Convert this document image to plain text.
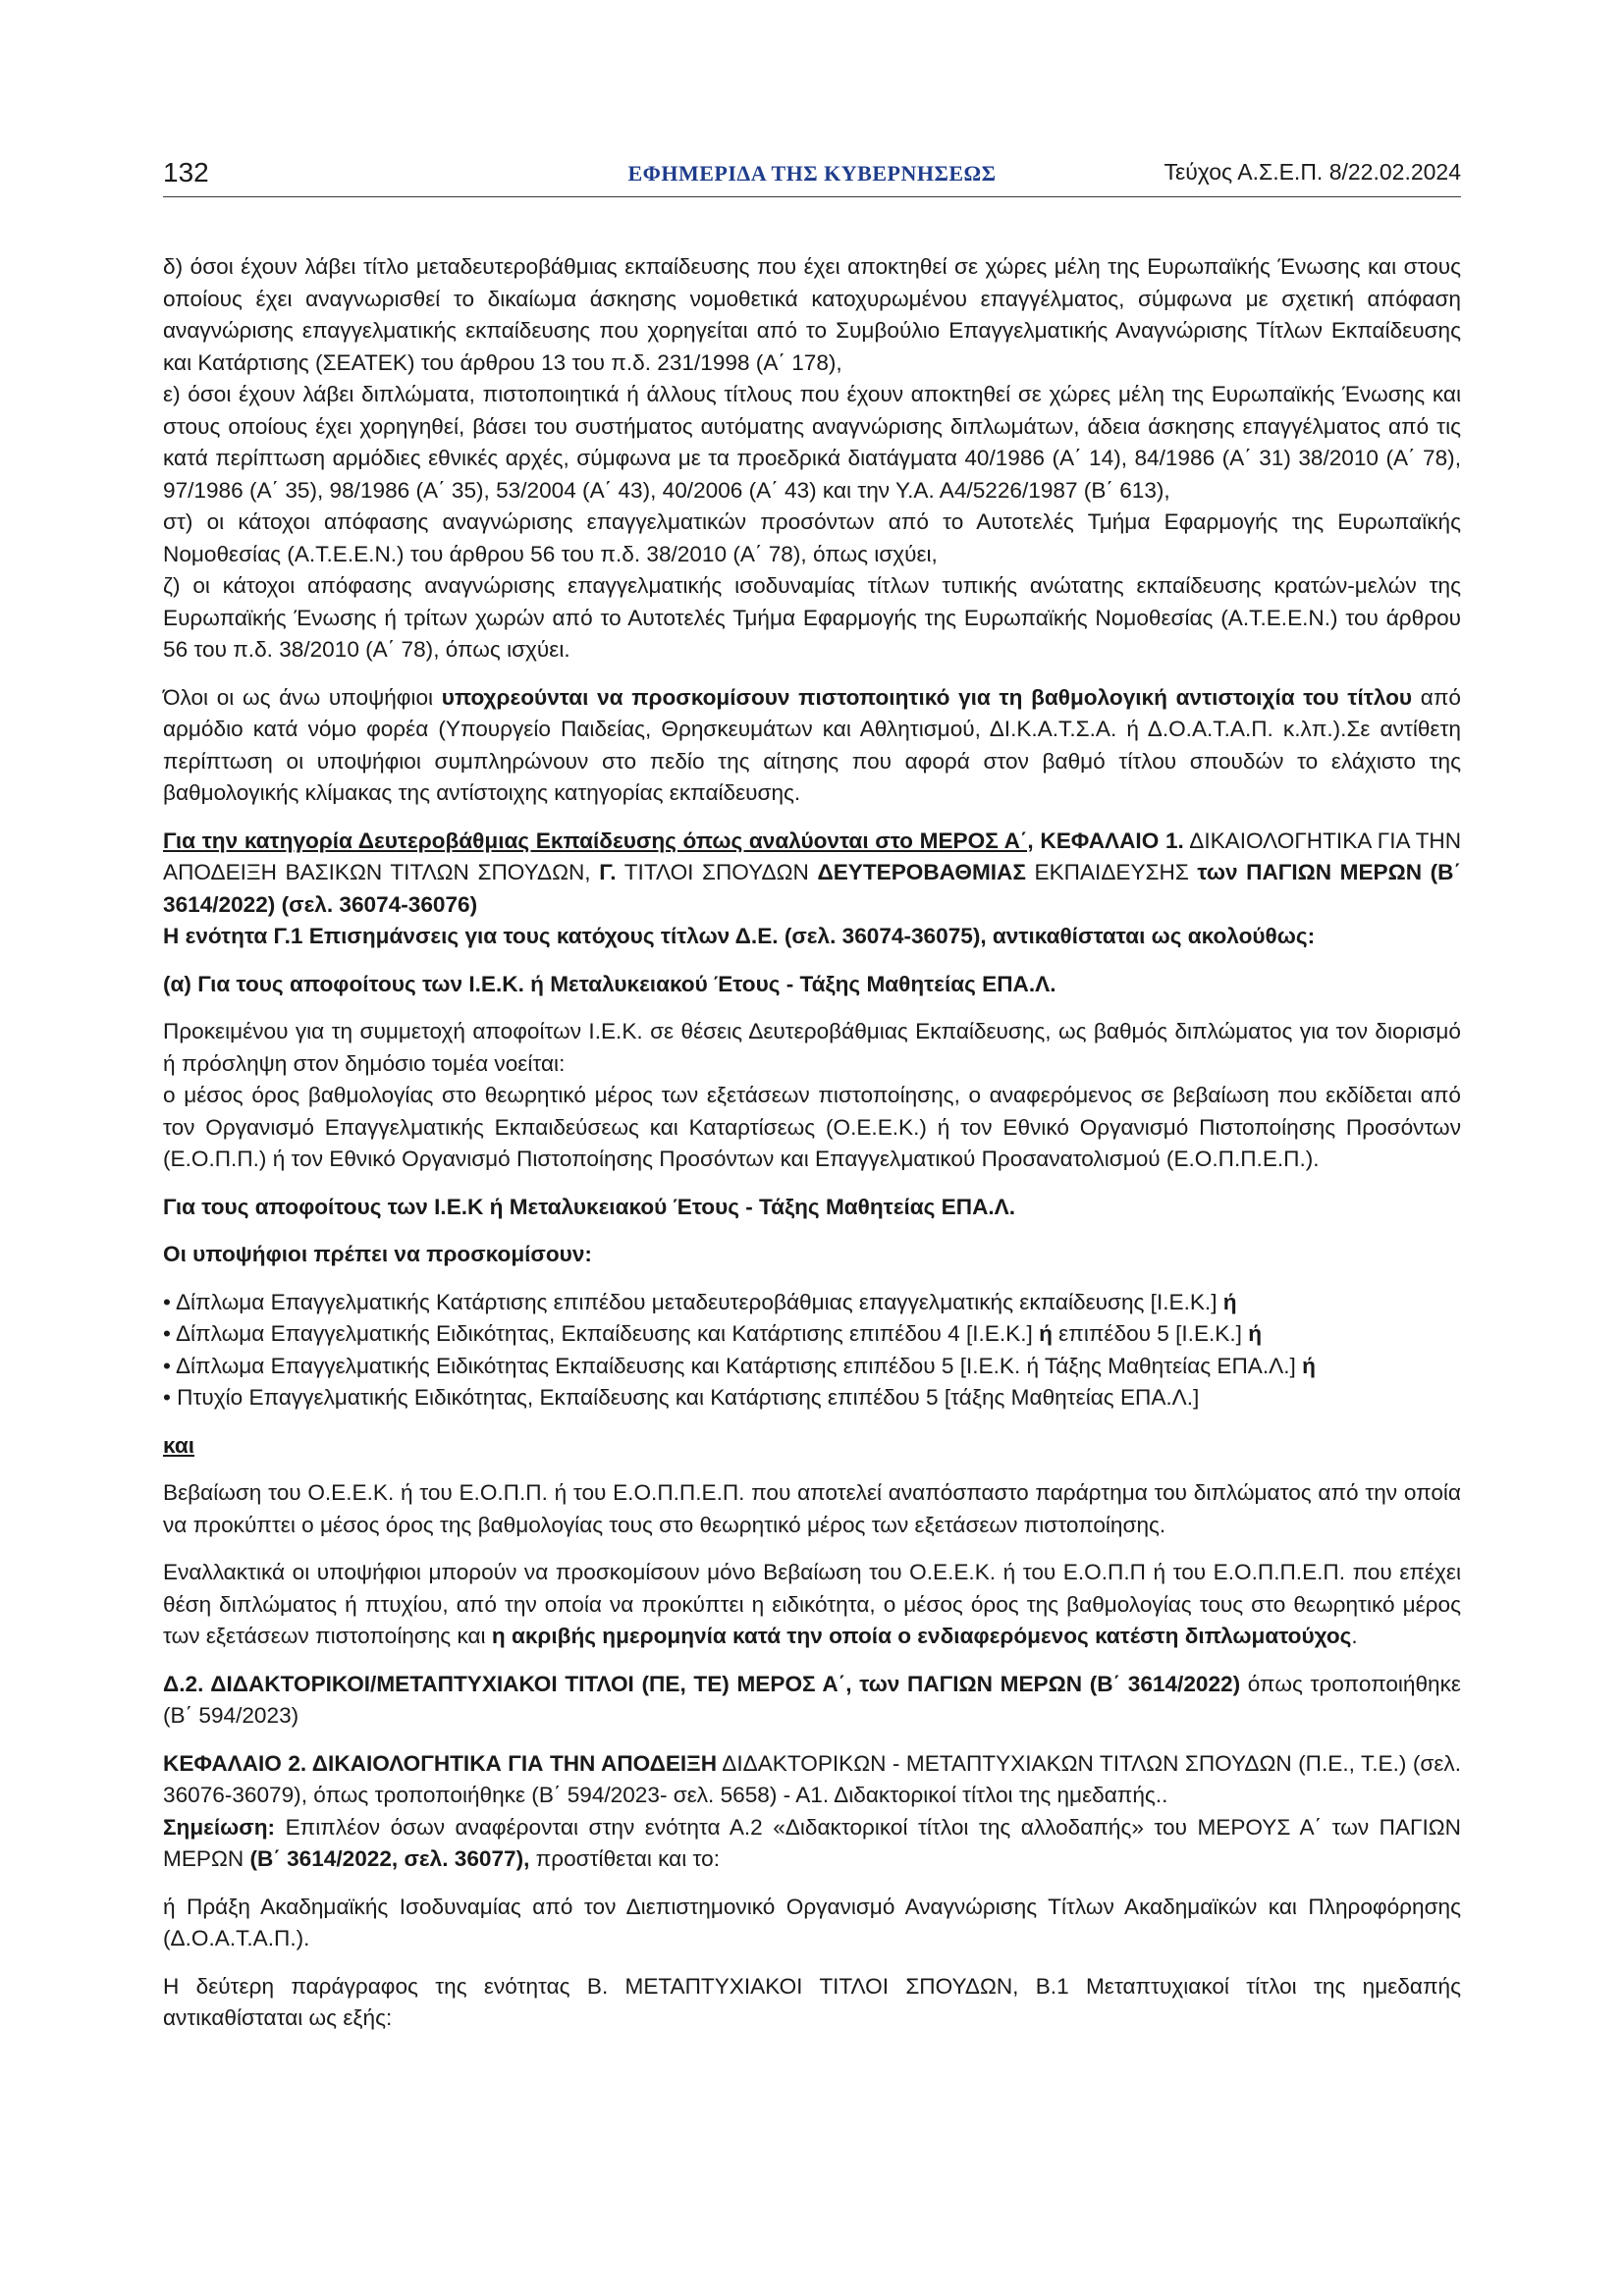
132	ΕΦΗΜΕΡΙΔΑ ΤΗΣ ΚΥΒΕΡΝΗΣΕΩΣ	Τεύχος Α.Σ.Ε.Π. 8/22.02.2024

δ) όσοι έχουν λάβει τίτλο μεταδευτεροβάθμιας εκπαίδευσης που έχει αποκτηθεί σε χώρες μέλη της Ευρωπαϊκής Ένωσης και στους οποίους έχει αναγνωρισθεί το δικαίωμα άσκησης νομοθετικά κατοχυρωμένου επαγγέλματος, σύμφωνα με σχετική απόφαση αναγνώρισης επαγγελματικής εκπαίδευσης που χορηγείται από το Συμβούλιο Επαγγελματικής Αναγνώρισης Τίτλων Εκπαίδευσης και Κατάρτισης (ΣΕΑΤΕΚ) του άρθρου 13 του π.δ. 231/1998 (Α΄ 178),

ε) όσοι έχουν λάβει διπλώματα, πιστοποιητικά ή άλλους τίτλους που έχουν αποκτηθεί σε χώρες μέλη της Ευρωπαϊκής Ένωσης και στους οποίους έχει χορηγηθεί, βάσει του συστήματος αυτόματης αναγνώρισης διπλωμάτων, άδεια άσκησης επαγγέλματος από τις κατά περίπτωση αρμόδιες εθνικές αρχές, σύμφωνα με τα προεδρικά διατάγματα 40/1986 (Α΄ 14), 84/1986 (Α΄ 31) 38/2010 (Α΄ 78), 97/1986 (Α΄ 35), 98/1986 (Α΄ 35), 53/2004 (Α΄ 43), 40/2006 (Α΄ 43) και την Υ.Α. Α4/5226/1987 (Β΄ 613),

στ) οι κάτοχοι απόφασης αναγνώρισης επαγγελματικών προσόντων από το Αυτοτελές Τμήμα Εφαρμογής της Ευρωπαϊκής Νομοθεσίας (Α.Τ.Ε.Ε.Ν.) του άρθρου 56 του π.δ. 38/2010 (Α΄ 78), όπως ισχύει,

ζ) οι κάτοχοι απόφασης αναγνώρισης επαγγελματικής ισοδυναμίας τίτλων τυπικής ανώτατης εκπαίδευσης κρατών-μελών της Ευρωπαϊκής Ένωσης ή τρίτων χωρών από το Αυτοτελές Τμήμα Εφαρμογής της Ευρωπαϊκής Νομοθεσίας (Α.Τ.Ε.Ε.Ν.) του άρθρου 56 του π.δ. 38/2010 (Α΄ 78), όπως ισχύει.

Όλοι οι ως άνω υποψήφιοι υποχρεούνται να προσκομίσουν πιστοποιητικό για τη βαθμολογική αντιστοιχία του τίτλου από αρμόδιο κατά νόμο φορέα (Υπουργείο Παιδείας, Θρησκευμάτων και Αθλητισμού, ΔΙ.Κ.Α.Τ.Σ.Α. ή Δ.Ο.Α.Τ.Α.Π. κ.λπ.).Σε αντίθετη περίπτωση οι υποψήφιοι συμπληρώνουν στο πεδίο της αίτησης που αφορά στον βαθμό τίτλου σπουδών το ελάχιστο της βαθμολογικής κλίμακας της αντίστοιχης κατηγορίας εκπαίδευσης.

Για την κατηγορία Δευτεροβάθμιας Εκπαίδευσης όπως αναλύονται στο ΜΕΡΟΣ Α΄, ΚΕΦΑΛΑΙΟ 1. ΔΙΚΑΙΟΛΟΓΗΤΙΚΑ ΓΙΑ ΤΗΝ ΑΠΟΔΕΙΞΗ ΒΑΣΙΚΩΝ ΤΙΤΛΩΝ ΣΠΟΥΔΩΝ, Γ. ΤΙΤΛΟΙ ΣΠΟΥΔΩΝ ΔΕΥΤΕΡΟΒΑΘΜΙΑΣ ΕΚΠΑΙΔΕΥΣΗΣ των ΠΑΓΙΩΝ ΜΕΡΩΝ (Β΄ 3614/2022) (σελ. 36074-36076)

Η ενότητα Γ.1 Επισημάνσεις για τους κατόχους τίτλων Δ.Ε. (σελ. 36074-36075), αντικαθίσταται ως ακολούθως:

(α) Για τους αποφοίτους των Ι.Ε.Κ. ή Μεταλυκειακού Έτους - Τάξης Μαθητείας ΕΠΑ.Λ.

Προκειμένου για τη συμμετοχή αποφοίτων Ι.Ε.Κ. σε θέσεις Δευτεροβάθμιας Εκπαίδευσης, ως βαθμός διπλώματος για τον διορισμό ή πρόσληψη στον δημόσιο τομέα νοείται:

ο μέσος όρος βαθμολογίας στο θεωρητικό μέρος των εξετάσεων πιστοποίησης, ο αναφερόμενος σε βεβαίωση που εκδίδεται από τον Οργανισμό Επαγγελματικής Εκπαιδεύσεως και Καταρτίσεως (Ο.Ε.Ε.Κ.) ή τον Εθνικό Οργανισμό Πιστοποίησης Προσόντων (Ε.Ο.Π.Π.) ή τον Εθνικό Οργανισμό Πιστοποίησης Προσόντων και Επαγγελματικού Προσανατολισμού (Ε.Ο.Π.Π.Ε.Π.).

Για τους αποφοίτους των Ι.Ε.Κ ή Μεταλυκειακού Έτους - Τάξης Μαθητείας ΕΠΑ.Λ.

Οι υποψήφιοι πρέπει να προσκομίσουν:

• Δίπλωμα Επαγγελματικής Κατάρτισης επιπέδου μεταδευτεροβάθμιας επαγγελματικής εκπαίδευσης [Ι.Ε.Κ.] ή

• Δίπλωμα Επαγγελματικής Ειδικότητας, Εκπαίδευσης και Κατάρτισης επιπέδου 4 [Ι.Ε.Κ.] ή επιπέδου 5 [Ι.Ε.Κ.] ή

• Δίπλωμα Επαγγελματικής Ειδικότητας Εκπαίδευσης και Κατάρτισης επιπέδου 5 [Ι.Ε.Κ. ή Τάξης Μαθητείας ΕΠΑ.Λ.] ή

• Πτυχίο Επαγγελματικής Ειδικότητας, Εκπαίδευσης και Κατάρτισης επιπέδου 5 [τάξης Μαθητείας ΕΠΑ.Λ.]

και

Βεβαίωση του Ο.Ε.Ε.Κ. ή του Ε.Ο.Π.Π. ή του Ε.Ο.Π.Π.Ε.Π. που αποτελεί αναπόσπαστο παράρτημα του διπλώματος από την οποία να προκύπτει ο μέσος όρος της βαθμολογίας τους στο θεωρητικό μέρος των εξετάσεων πιστοποίησης.

Εναλλακτικά οι υποψήφιοι μπορούν να προσκομίσουν μόνο Βεβαίωση του Ο.Ε.Ε.Κ. ή του Ε.Ο.Π.Π ή του Ε.Ο.Π.Π.Ε.Π. που επέχει θέση διπλώματος ή πτυχίου, από την οποία να προκύπτει η ειδικότητα, ο μέσος όρος της βαθμολογίας τους στο θεωρητικό μέρος των εξετάσεων πιστοποίησης και η ακριβής ημερομηνία κατά την οποία ο ενδιαφερόμενος κατέστη διπλωματούχος.

Δ.2. ΔΙΔΑΚΤΟΡΙΚΟΙ/ΜΕΤΑΠΤΥΧΙΑΚΟΙ ΤΙΤΛΟΙ (ΠΕ, ΤΕ) ΜΕΡΟΣ Α΄, των ΠΑΓΙΩΝ ΜΕΡΩΝ (Β΄ 3614/2022) όπως τροποποιήθηκε (Β΄ 594/2023)

ΚΕΦΑΛΑΙΟ 2. ΔΙΚΑΙΟΛΟΓΗΤΙΚΑ ΓΙΑ ΤΗΝ ΑΠΟΔΕΙΞΗ ΔΙΔΑΚΤΟΡΙΚΩΝ - ΜΕΤΑΠΤΥΧΙΑΚΩΝ ΤΙΤΛΩΝ ΣΠΟΥΔΩΝ (Π.Ε., Τ.Ε.) (σελ. 36076-36079), όπως τροποποιήθηκε (Β΄ 594/2023- σελ. 5658) - Α1. Διδακτορικοί τίτλοι της ημεδαπής..

Σημείωση: Επιπλέον όσων αναφέρονται στην ενότητα Α.2 «Διδακτορικοί τίτλοι της αλλοδαπής» του ΜΕΡΟΥΣ Α΄ των ΠΑΓΙΩΝ ΜΕΡΩΝ (Β΄ 3614/2022, σελ. 36077), προστίθεται και το:

ή Πράξη Ακαδημαϊκής Ισοδυναμίας από τον Διεπιστημονικό Οργανισμό Αναγνώρισης Τίτλων Ακαδημαϊκών και Πληροφόρησης (Δ.Ο.Α.Τ.Α.Π.).

Η δεύτερη παράγραφος της ενότητας Β. ΜΕΤΑΠΤΥΧΙΑΚΟΙ ΤΙΤΛΟΙ ΣΠΟΥΔΩΝ, Β.1 Μεταπτυχιακοί τίτλοι της ημεδαπής αντικαθίσταται ως εξής:
